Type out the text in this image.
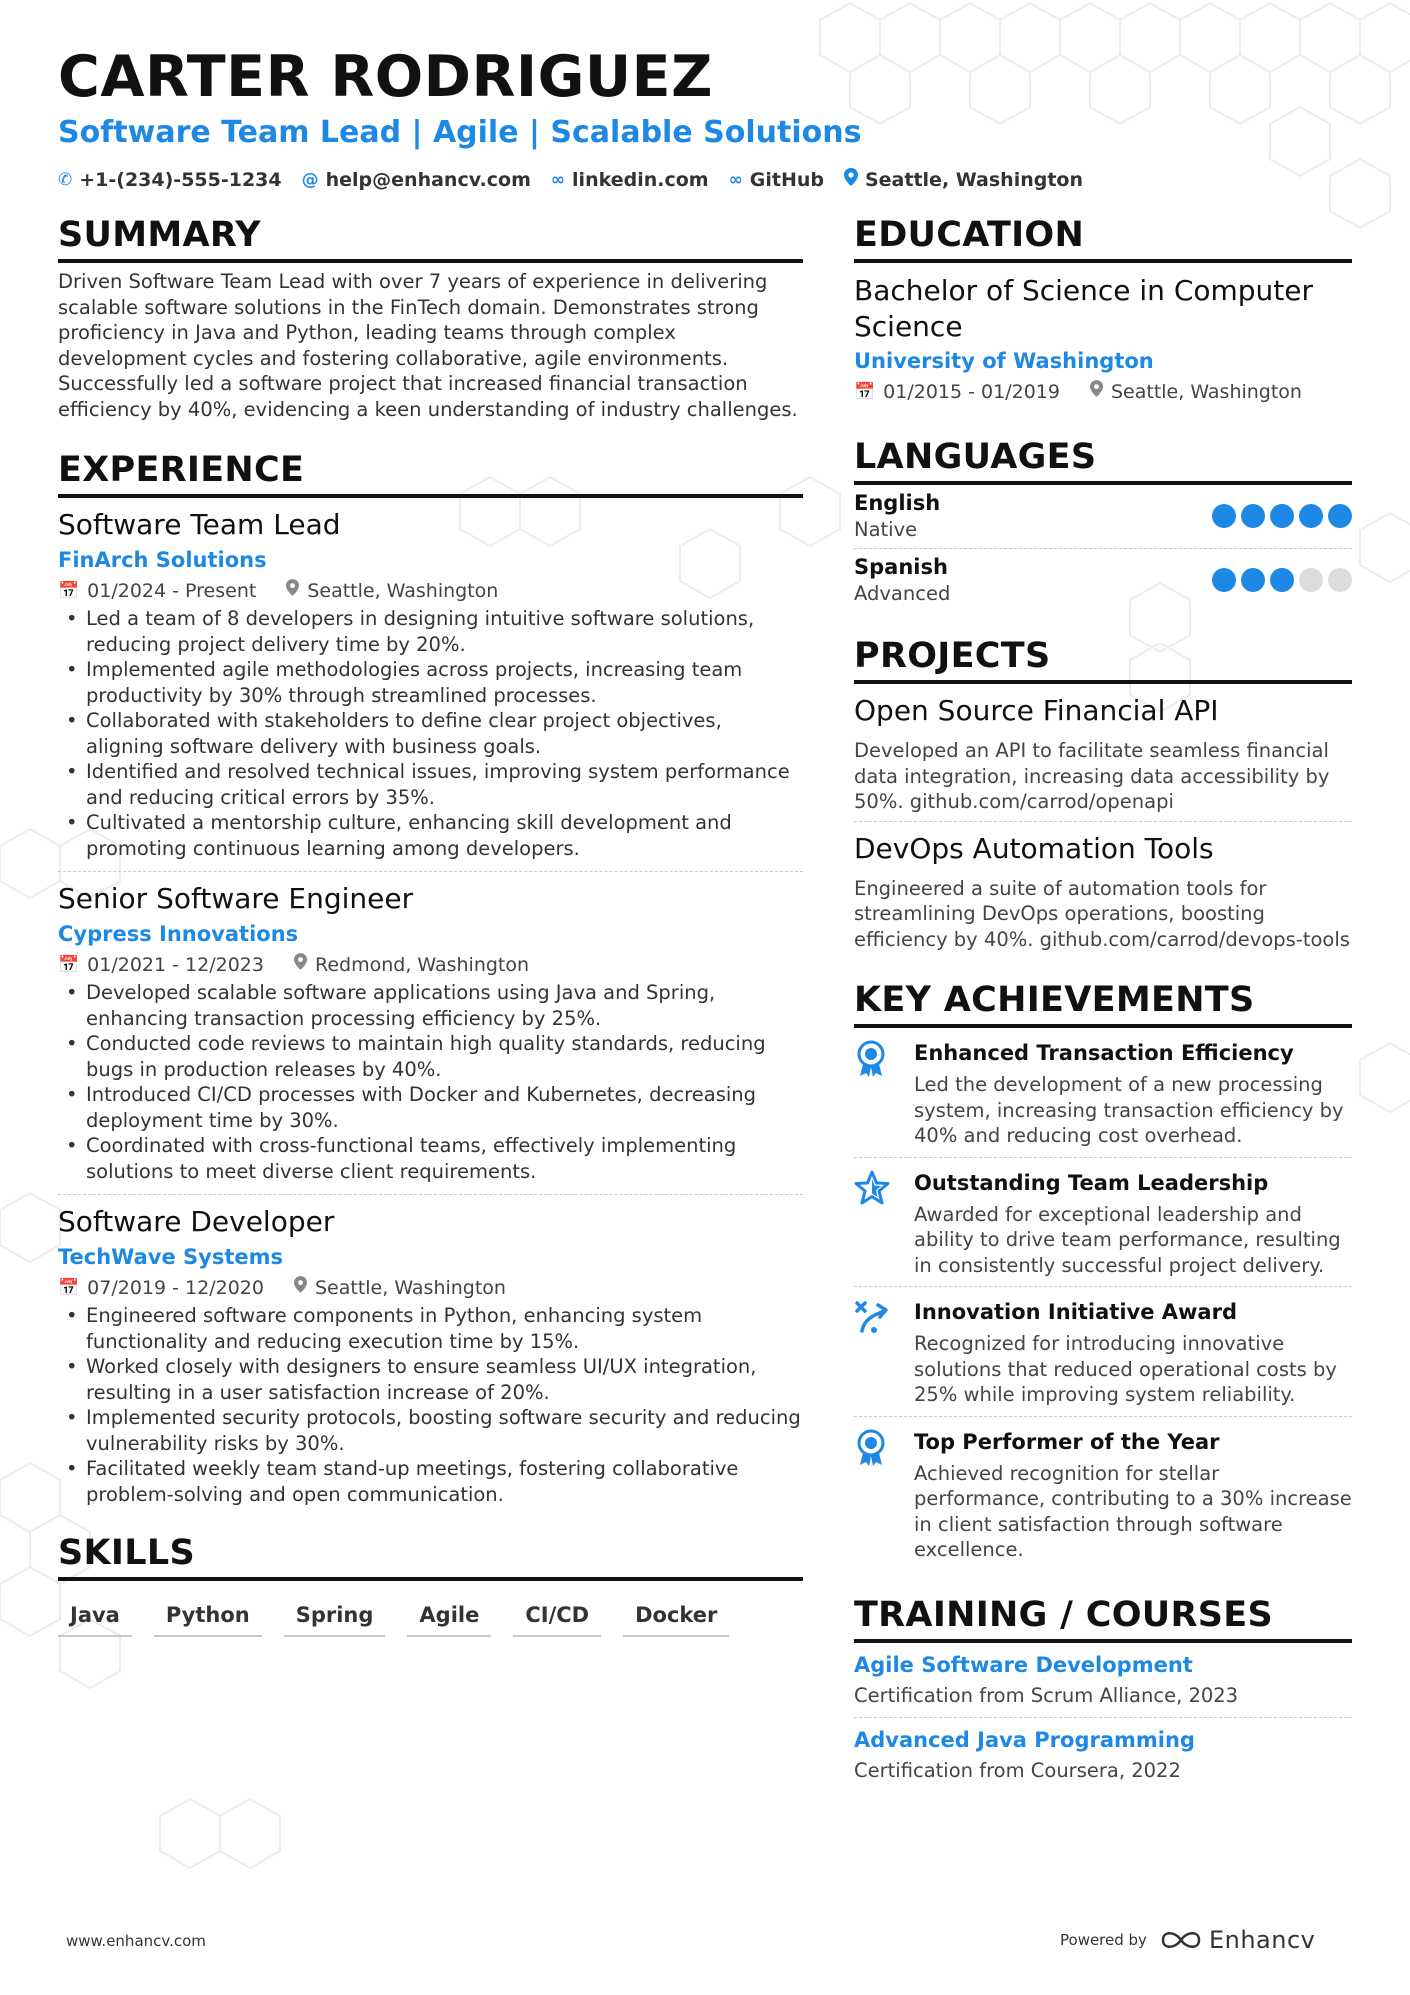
CARTER RODRIGUEZ
Software Team Lead | Agile | Scalable Solutions
✆ +1-(234)-555-1234 @ help@enhancv.com ∞ linkedin.com ∞ GitHub Seattle, Washington
SUMMARY
Driven Software Team Lead with over 7 years of experience in delivering scalable software solutions in the FinTech domain. Demonstrates strong proficiency in Java and Python, leading teams through complex development cycles and fostering collaborative, agile environments. Successfully led a software project that increased financial transaction efficiency by 40%, evidencing a keen understanding of industry challenges.
EXPERIENCE
Software Team Lead
FinArch Solutions
📅 01/2024 - Present	Seattle, Washington
• Led a team of 8 developers in designing intuitive software solutions, reducing project delivery time by 20%.
• Implemented agile methodologies across projects, increasing team productivity by 30% through streamlined processes.
• Collaborated with stakeholders to define clear project objectives, aligning software delivery with business goals.
• Identified and resolved technical issues, improving system performance and reducing critical errors by 35%.
• Cultivated a mentorship culture, enhancing skill development and promoting continuous learning among developers.
Senior Software Engineer
Cypress Innovations
📅 01/2021 - 12/2023	Redmond, Washington
• Developed scalable software applications using Java and Spring, enhancing transaction processing efficiency by 25%.
• Conducted code reviews to maintain high quality standards, reducing bugs in production releases by 40%.
• Introduced CI/CD processes with Docker and Kubernetes, decreasing deployment time by 30%.
• Coordinated with cross-functional teams, effectively implementing solutions to meet diverse client requirements.
Software Developer
TechWave Systems
📅 07/2019 - 12/2020	Seattle, Washington
• Engineered software components in Python, enhancing system functionality and reducing execution time by 15%.
• Worked closely with designers to ensure seamless UI/UX integration, resulting in a user satisfaction increase of 20%.
• Implemented security protocols, boosting software security and reducing vulnerability risks by 30%.
• Facilitated weekly team stand-up meetings, fostering collaborative problem-solving and open communication.
SKILLS
Java	Python	Spring	Agile	CI/CD	Docker
EDUCATION
Bachelor of Science in Computer Science
University of Washington
📅 01/2015 - 01/2019	Seattle, Washington
LANGUAGES
English
Native
Spanish
Advanced
PROJECTS
Open Source Financial API
Developed an API to facilitate seamless financial data integration, increasing data accessibility by 50%. github.com/carrod/openapi
DevOps Automation Tools
Engineered a suite of automation tools for streamlining DevOps operations, boosting efficiency by 40%. github.com/carrod/devops-tools
KEY ACHIEVEMENTS
Enhanced Transaction Efficiency
Led the development of a new processing system, increasing transaction efficiency by 40% and reducing cost overhead.
Outstanding Team Leadership
Awarded for exceptional leadership and ability to drive team performance, resulting in consistently successful project delivery.
Innovation Initiative Award
Recognized for introducing innovative solutions that reduced operational costs by 25% while improving system reliability.
Top Performer of the Year
Achieved recognition for stellar performance, contributing to a 30% increase in client satisfaction through software excellence.
TRAINING / COURSES
Agile Software Development
Certification from Scrum Alliance, 2023
Advanced Java Programming
Certification from Coursera, 2022
www.enhancv.com	Powered by	Enhancv
